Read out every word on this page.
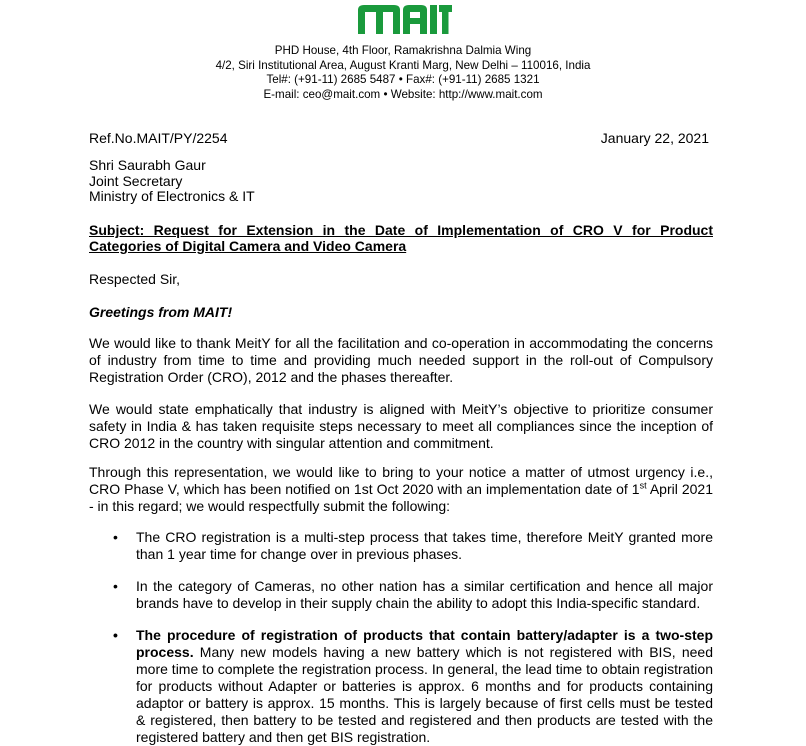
MAIT
PHD House, 4th Floor, Ramakrishna Dalmia Wing
4/2, Siri Institutional Area, August Kranti Marg, New Delhi – 110016, India
Tel#: (+91-11) 2685 5487 • Fax#: (+91-11) 2685 1321
E-mail: ceo@mait.com • Website: http://www.mait.com
Ref.No.MAIT/PY/2254	January 22, 2021
Shri Saurabh Gaur
Joint Secretary
Ministry of Electronics & IT
Subject: Request for Extension in the Date of Implementation of CRO V for Product Categories of Digital Camera and Video Camera
Respected Sir,
Greetings from MAIT!
We would like to thank MeitY for all the facilitation and co-operation in accommodating the concerns of industry from time to time and providing much needed support in the roll-out of Compulsory Registration Order (CRO), 2012 and the phases thereafter.
We would state emphatically that industry is aligned with MeitY’s objective to prioritize consumer safety in India & has taken requisite steps necessary to meet all compliances since the inception of CRO 2012 in the country with singular attention and commitment.
Through this representation, we would like to bring to your notice a matter of utmost urgency i.e., CRO Phase V, which has been notified on 1st Oct 2020 with an implementation date of 1st April 2021 - in this regard; we would respectfully submit the following:
• The CRO registration is a multi-step process that takes time, therefore MeitY granted more than 1 year time for change over in previous phases.
• In the category of Cameras, no other nation has a similar certification and hence all major brands have to develop in their supply chain the ability to adopt this India-specific standard.
• The procedure of registration of products that contain battery/adapter is a two-step process. Many new models having a new battery which is not registered with BIS, need more time to complete the registration process. In general, the lead time to obtain registration for products without Adapter or batteries is approx. 6 months and for products containing adaptor or battery is approx. 15 months. This is largely because of first cells must be tested & registered, then battery to be tested and registered and then products are tested with the registered battery and then get BIS registration.
